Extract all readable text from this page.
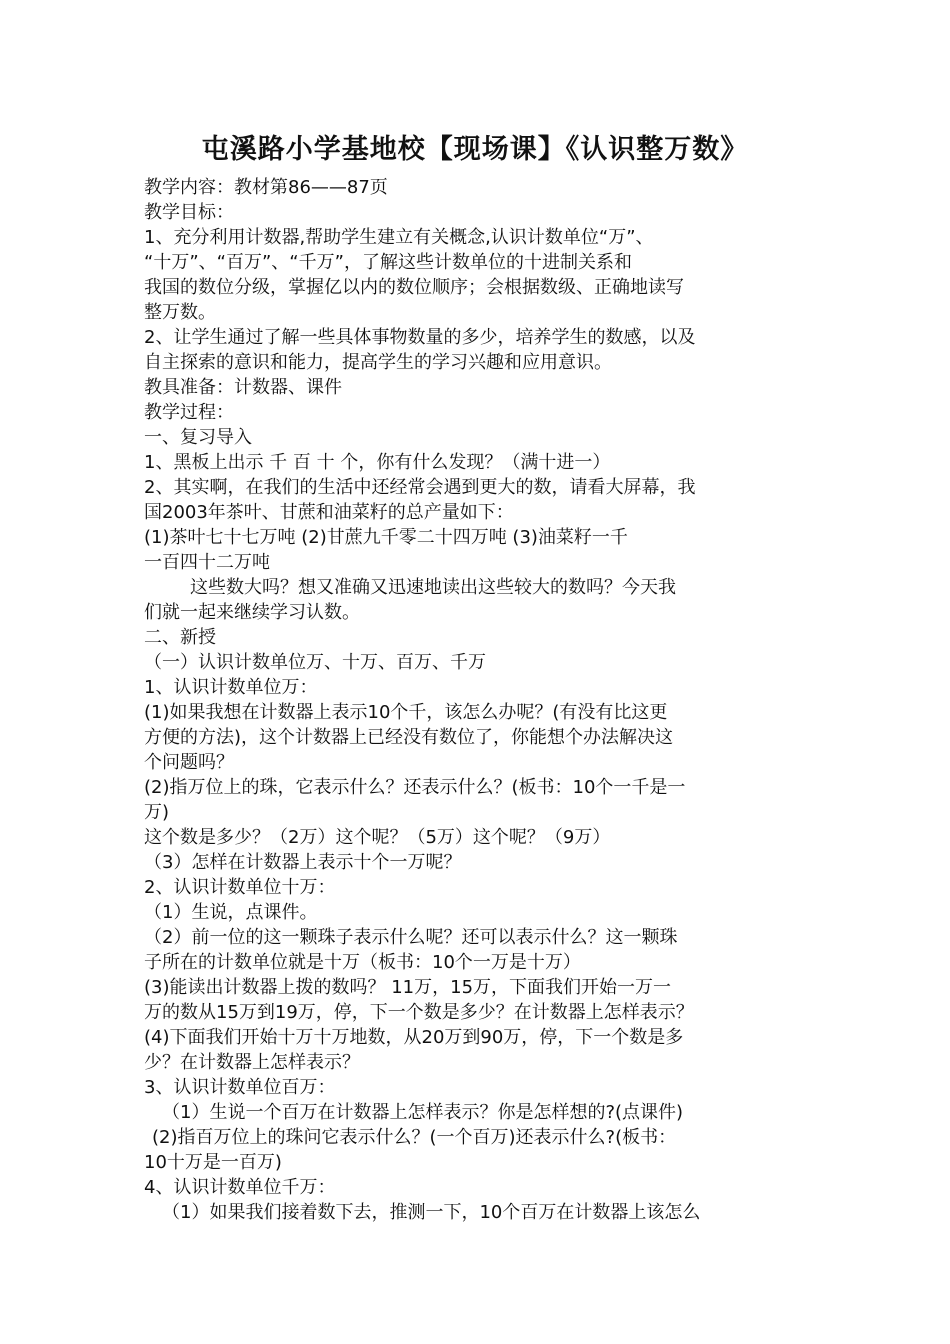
屯溪路小学基地校【现场课】《认识整万数》
教学内容：教材第86——87页
教学目标：
1、充分利用计数器,帮助学生建立有关概念,认识计数单位“万”、
“十万”、“百万”、“千万”，了解这些计数单位的十进制关系和
我国的数位分级，掌握亿以内的数位顺序；会根据数级、正确地读写
整万数。
2、让学生通过了解一些具体事物数量的多少，培养学生的数感，以及
自主探索的意识和能力，提高学生的学习兴趣和应用意识。
教具准备：计数器、课件
教学过程：
一、复习导入
1、黑板上出示 千 百 十 个，你有什么发现？（满十进一）
2、其实啊，在我们的生活中还经常会遇到更大的数，请看大屏幕，我
国2003年茶叶、甘蔗和油菜籽的总产量如下：
(1)茶叶七十七万吨 (2)甘蔗九千零二十四万吨 (3)油菜籽一千
一百四十二万吨
这些数大吗？想又准确又迅速地读出这些较大的数吗？今天我
们就一起来继续学习认数。
二、新授
（一）认识计数单位万、十万、百万、千万
1、认识计数单位万：
(1)如果我想在计数器上表示10个千，该怎么办呢？(有没有比这更
方便的方法)，这个计数器上已经没有数位了，你能想个办法解决这
个问题吗？
(2)指万位上的珠，它表示什么？还表示什么？(板书：10个一千是一
万)
这个数是多少？（2万）这个呢？（5万）这个呢？（9万）
（3）怎样在计数器上表示十个一万呢？
2、认识计数单位十万：
（1）生说，点课件。
（2）前一位的这一颗珠子表示什么呢？还可以表示什么？这一颗珠
子所在的计数单位就是十万（板书：10个一万是十万）
(3)能读出计数器上拨的数吗？ 11万，15万，下面我们开始一万一
万的数从15万到19万，停，下一个数是多少？在计数器上怎样表示？
(4)下面我们开始十万十万地数，从20万到90万，停，下一个数是多
少？在计数器上怎样表示？
3、认识计数单位百万：
（1）生说一个百万在计数器上怎样表示？你是怎样想的?(点课件)
(2)指百万位上的珠问它表示什么？(一个百万)还表示什么?(板书：
10十万是一百万)
4、认识计数单位千万：
（1）如果我们接着数下去，推测一下，10个百万在计数器上该怎么
